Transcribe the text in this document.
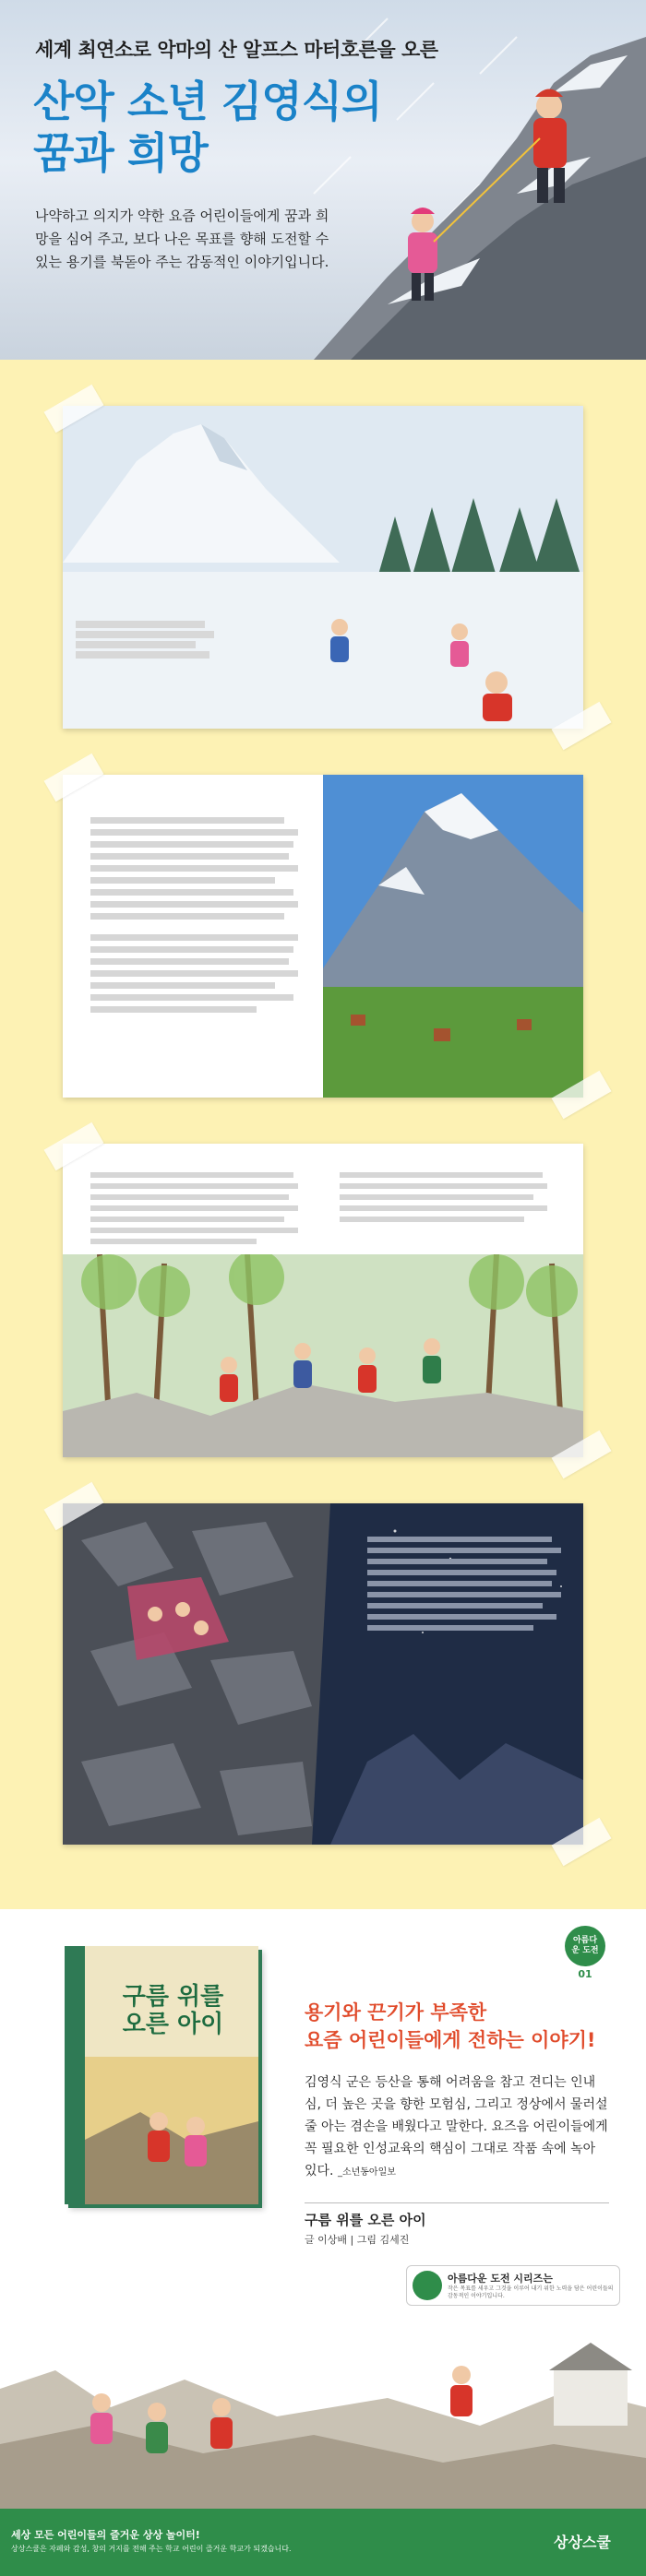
세계 최연소로 악마의 산 알프스 마터호른을 오른
산악 소년 김영식의
꿈과 희망
나약하고 의지가 약한 요즘 어린이들에게 꿈과 희망을 심어 주고, 보다 나은 목표를 향해 도전할 수 있는 용기를 북돋아 주는 감동적인 이야기입니다.
구름 위를
오른 아이
아름다운 도전
01
용기와 끈기가 부족한
요즘 어린이들에게 전하는 이야기!
김영식 군은 등산을 통해 어려움을 참고 견디는 인내심, 더 높은 곳을 향한 모험심, 그리고 정상에서 물러설 줄 아는 겸손을 배웠다고 말한다. 요즈음 어린이들에게 꼭 필요한 인성교육의 핵심이 그대로 작품 속에 녹아 있다. _소년동아일보
구름 위를 오른 아이
글 이상배 | 그림 김세진
아름다운 도전 시리즈는
작은 목표를 세우고 그것을 이루어 내기 위한 노력을 담은 어린이들의 감동적인 이야기입니다.
세상 모든 어린이들의 즐거운 상상 놀이터!
상상스쿨은 자페와 감성, 창의 거지를 전해 주는 학교 어린이 즐거운 학교가 되겠습니다.	상상스쿨
